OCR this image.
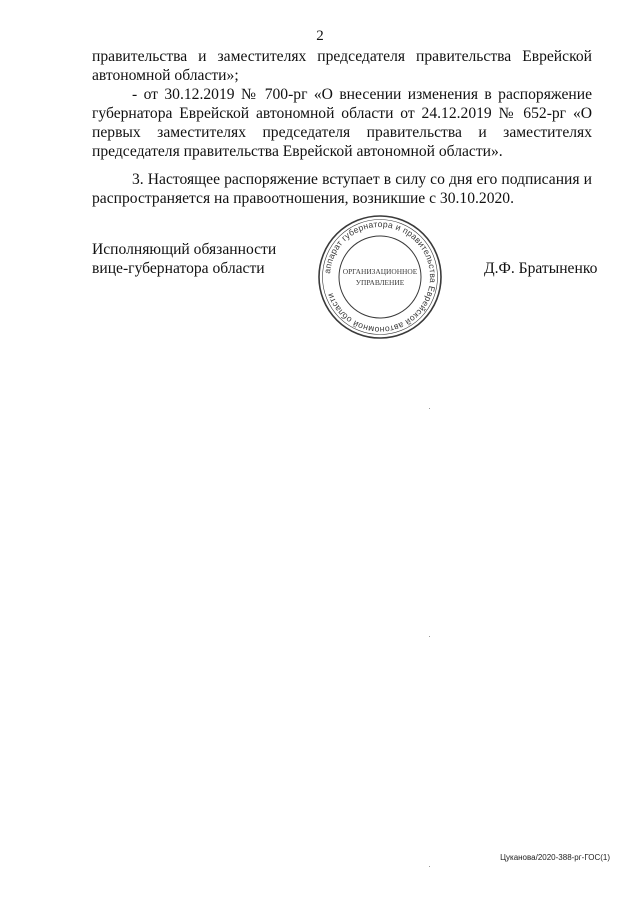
2

правительства и заместителях председателя правительства Еврейской автономной области»;

- от 30.12.2019 № 700-рг «О внесении изменения в распоряжение губернатора Еврейской автономной области от 24.12.2019 № 652-рг «О первых заместителях председателя правительства и заместителях председателя правительства Еврейской автономной области».

3. Настоящее распоряжение вступает в силу со дня его подписания и распространяется на правоотношения, возникшие с 30.10.2020.

Исполняющий обязанности
вице-губернатора области	аппарат губернатора и правительства Еврейской автономной области
ОРГАНИЗАЦИОННОЕ
УПРАВЛЕНИЕ
Д.Ф. Братыненко
Цуканова/2020-388-рг-ГОС(1)
